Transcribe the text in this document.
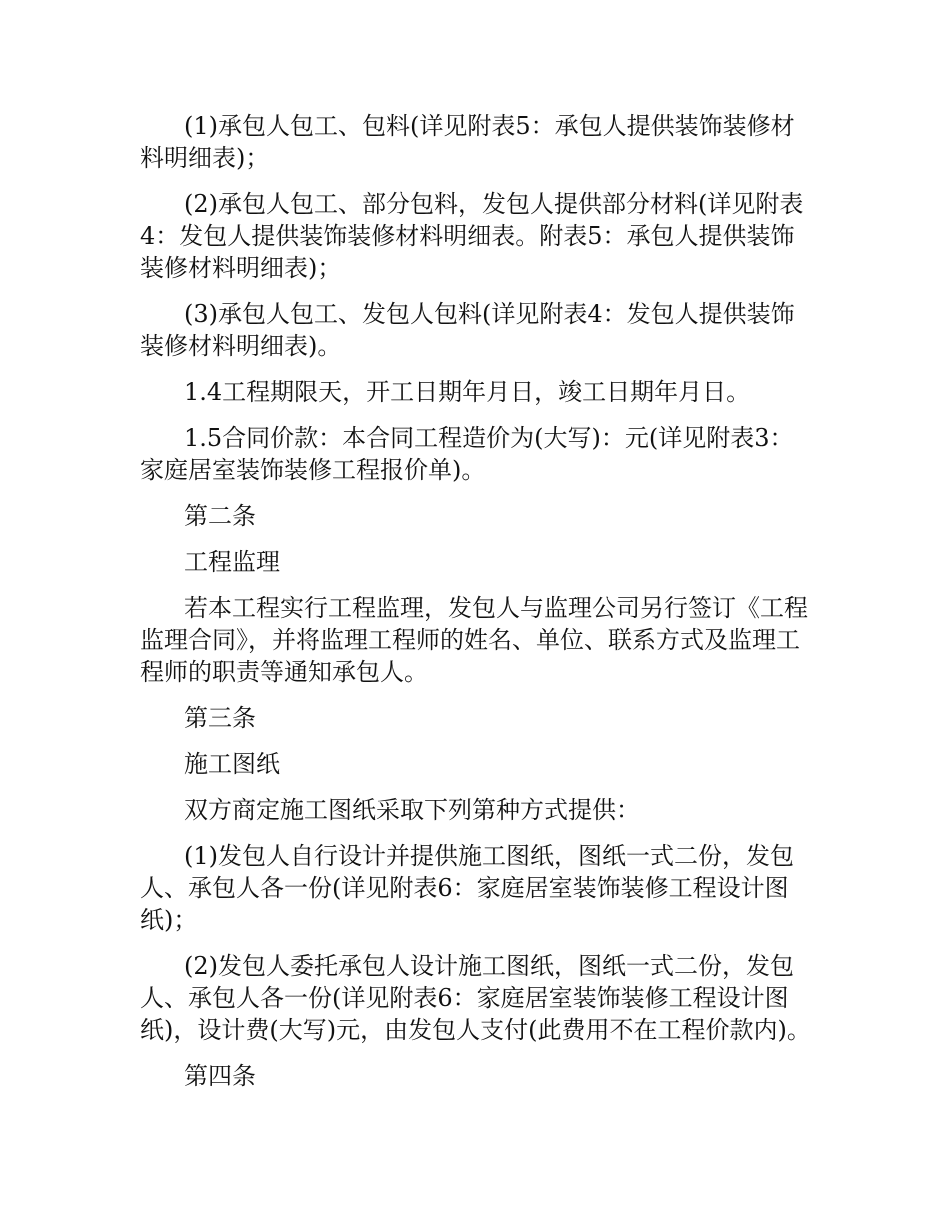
(1)承包人包工、包料(详见附表5：承包人提供装饰装修材料明细表)；

(2)承包人包工、部分包料，发包人提供部分材料(详见附表4：发包人提供装饰装修材料明细表。附表5：承包人提供装饰装修材料明细表)；

(3)承包人包工、发包人包料(详见附表4：发包人提供装饰装修材料明细表)。

1.4工程期限天，开工日期年月日，竣工日期年月日。

1.5合同价款：本合同工程造价为(大写)：元(详见附表3：家庭居室装饰装修工程报价单)。

第二条

工程监理

若本工程实行工程监理，发包人与监理公司另行签订《工程监理合同》，并将监理工程师的姓名、单位、联系方式及监理工程师的职责等通知承包人。

第三条

施工图纸

双方商定施工图纸采取下列第种方式提供：

(1)发包人自行设计并提供施工图纸，图纸一式二份，发包人、承包人各一份(详见附表6：家庭居室装饰装修工程设计图纸)；

(2)发包人委托承包人设计施工图纸，图纸一式二份，发包人、承包人各一份(详见附表6：家庭居室装饰装修工程设计图纸)，设计费(大写)元，由发包人支付(此费用不在工程价款内)。

第四条
